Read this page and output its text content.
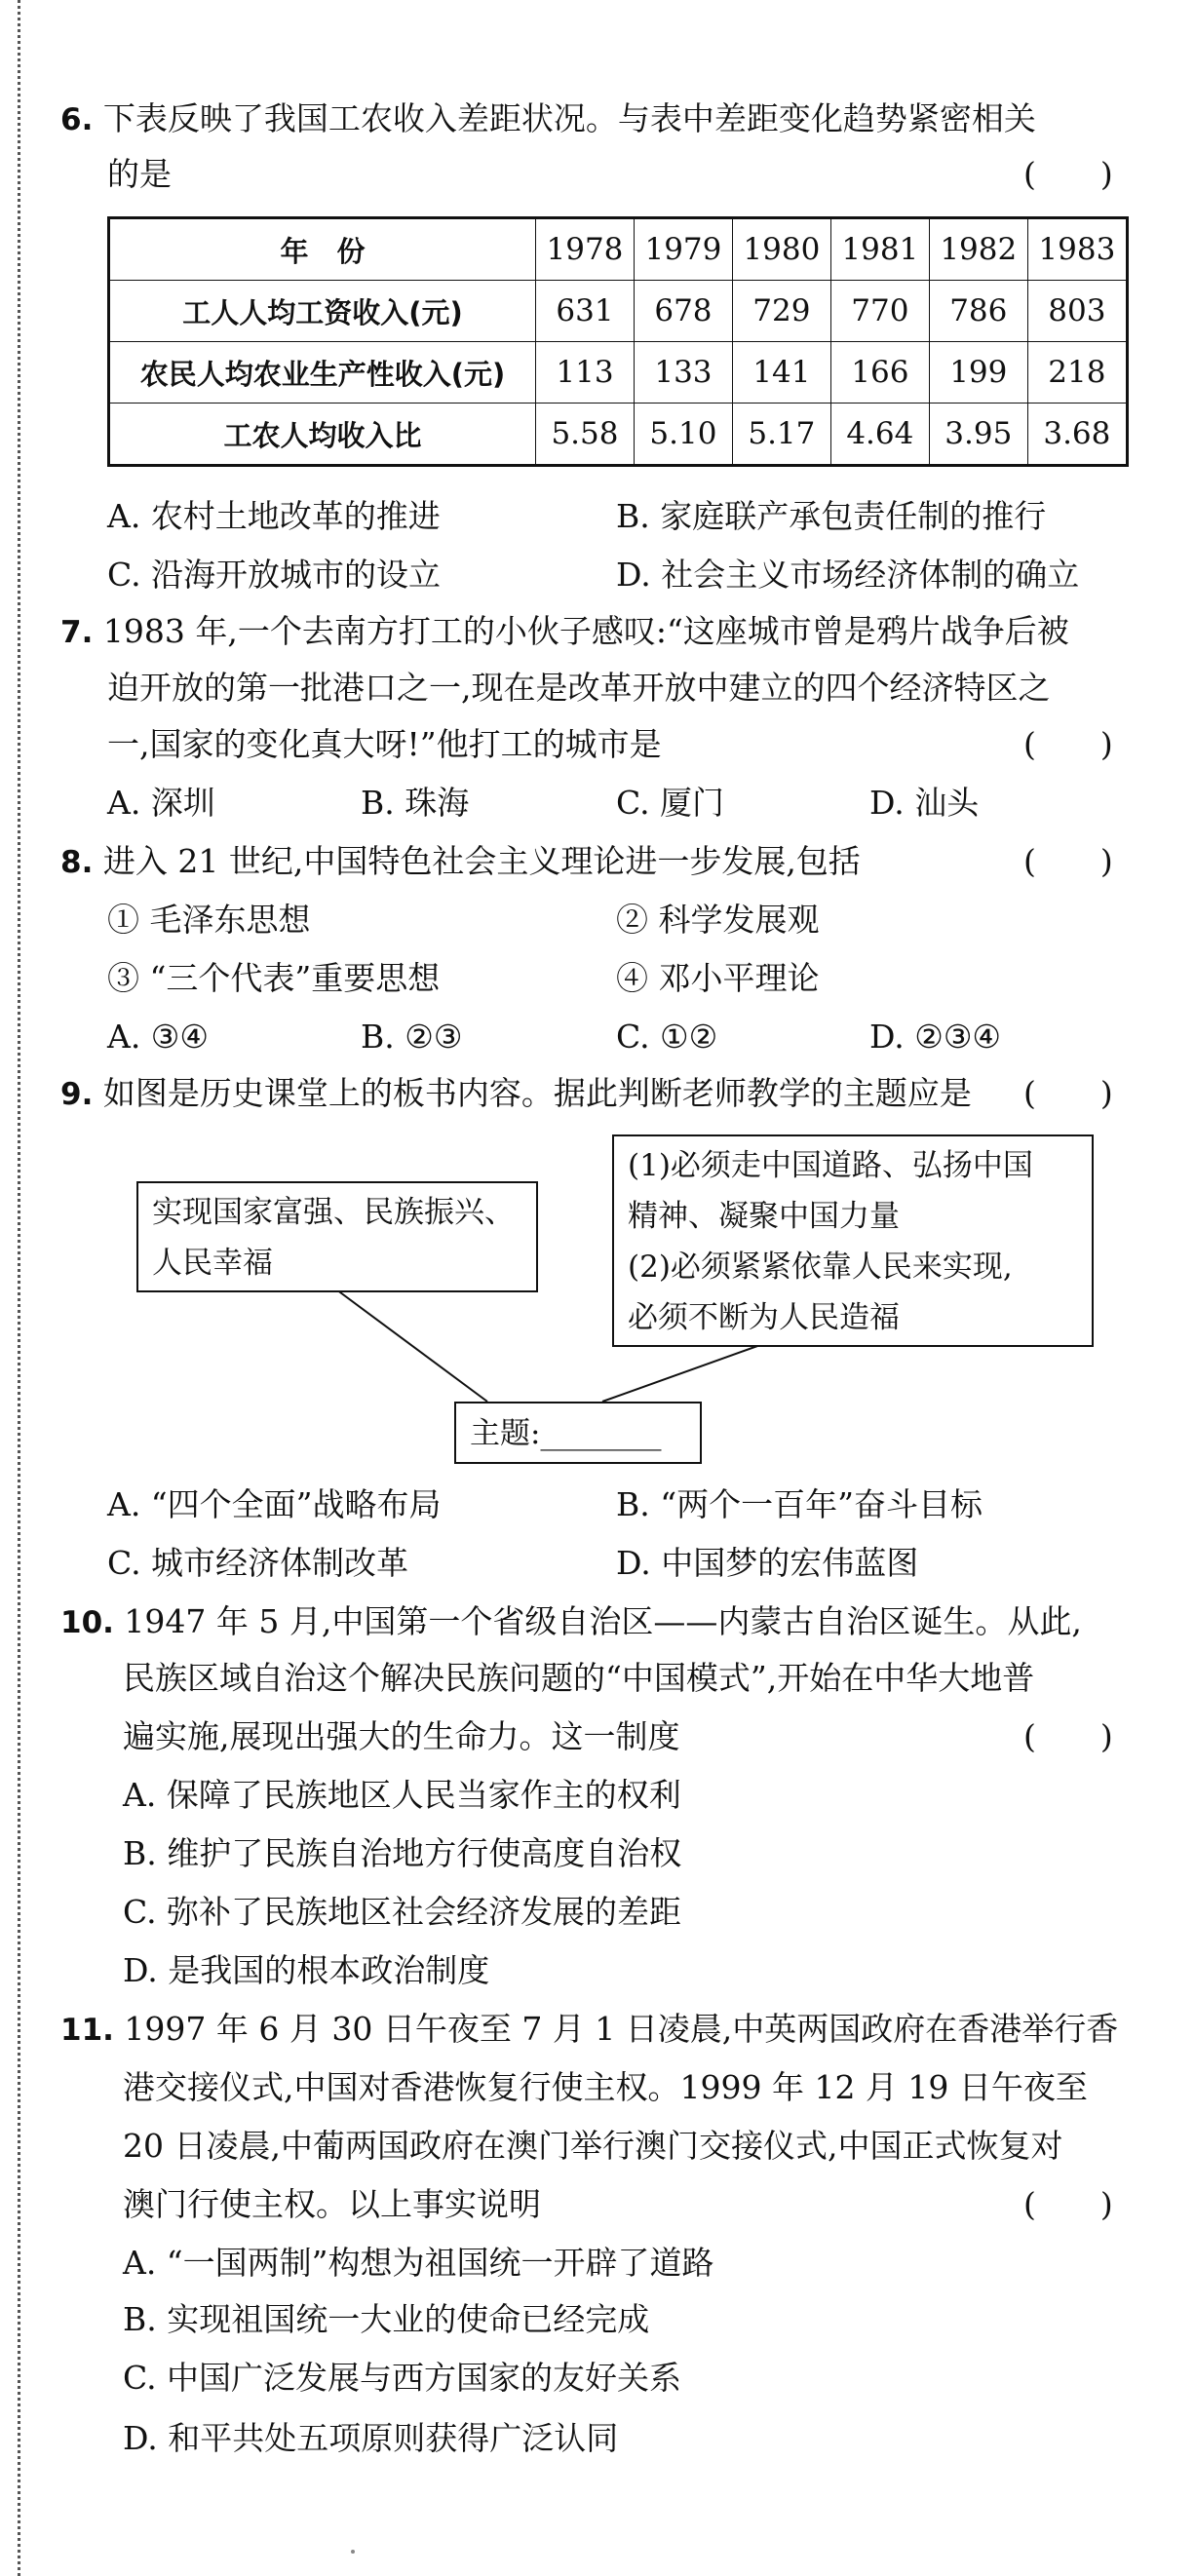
6. 下表反映了我国工农收入差距状况。与表中差距变化趋势紧密相关
的是	(　　)
年　份	1978	1979	1980	1981	1982	1983
工人人均工资收入(元)	631	678	729	770	786	803
农民人均农业生产性收入(元)	113	133	141	166	199	218
工农人均收入比	5.58	5.10	5.17	4.64	3.95	3.68
A. 农村土地改革的推进	B. 家庭联产承包责任制的推行
C. 沿海开放城市的设立	D. 社会主义市场经济体制的确立
7. 1983 年,一个去南方打工的小伙子感叹:“这座城市曾是鸦片战争后被
迫开放的第一批港口之一,现在是改革开放中建立的四个经济特区之
一,国家的变化真大呀!”他打工的城市是	(　　)
A. 深圳	B. 珠海	C. 厦门	D. 汕头
8. 进入 21 世纪,中国特色社会主义理论进一步发展,包括	(　　)
① 毛泽东思想	② 科学发展观
③ “三个代表”重要思想	④ 邓小平理论
A. ③④	B. ②③	C. ①②	D. ②③④
9. 如图是历史课堂上的板书内容。据此判断老师教学的主题应是 (　　)
实现国家富强、民族振兴、
人民幸福
(1)必须走中国道路、弘扬中国
精神、凝聚中国力量
(2)必须紧紧依靠人民来实现,
必须不断为人民造福
主题:________
A. “四个全面”战略布局	B. “两个一百年”奋斗目标
C. 城市经济体制改革	D. 中国梦的宏伟蓝图
10. 1947 年 5 月,中国第一个省级自治区——内蒙古自治区诞生。从此,
民族区域自治这个解决民族问题的“中国模式”,开始在中华大地普
遍实施,展现出强大的生命力。这一制度	(　　)
A. 保障了民族地区人民当家作主的权利
B. 维护了民族自治地方行使高度自治权
C. 弥补了民族地区社会经济发展的差距
D. 是我国的根本政治制度
11. 1997 年 6 月 30 日午夜至 7 月 1 日凌晨,中英两国政府在香港举行香
港交接仪式,中国对香港恢复行使主权。1999 年 12 月 19 日午夜至
20 日凌晨,中葡两国政府在澳门举行澳门交接仪式,中国正式恢复对
澳门行使主权。以上事实说明	(　　)
A. “一国两制”构想为祖国统一开辟了道路
B. 实现祖国统一大业的使命已经完成
C. 中国广泛发展与西方国家的友好关系
D. 和平共处五项原则获得广泛认同
